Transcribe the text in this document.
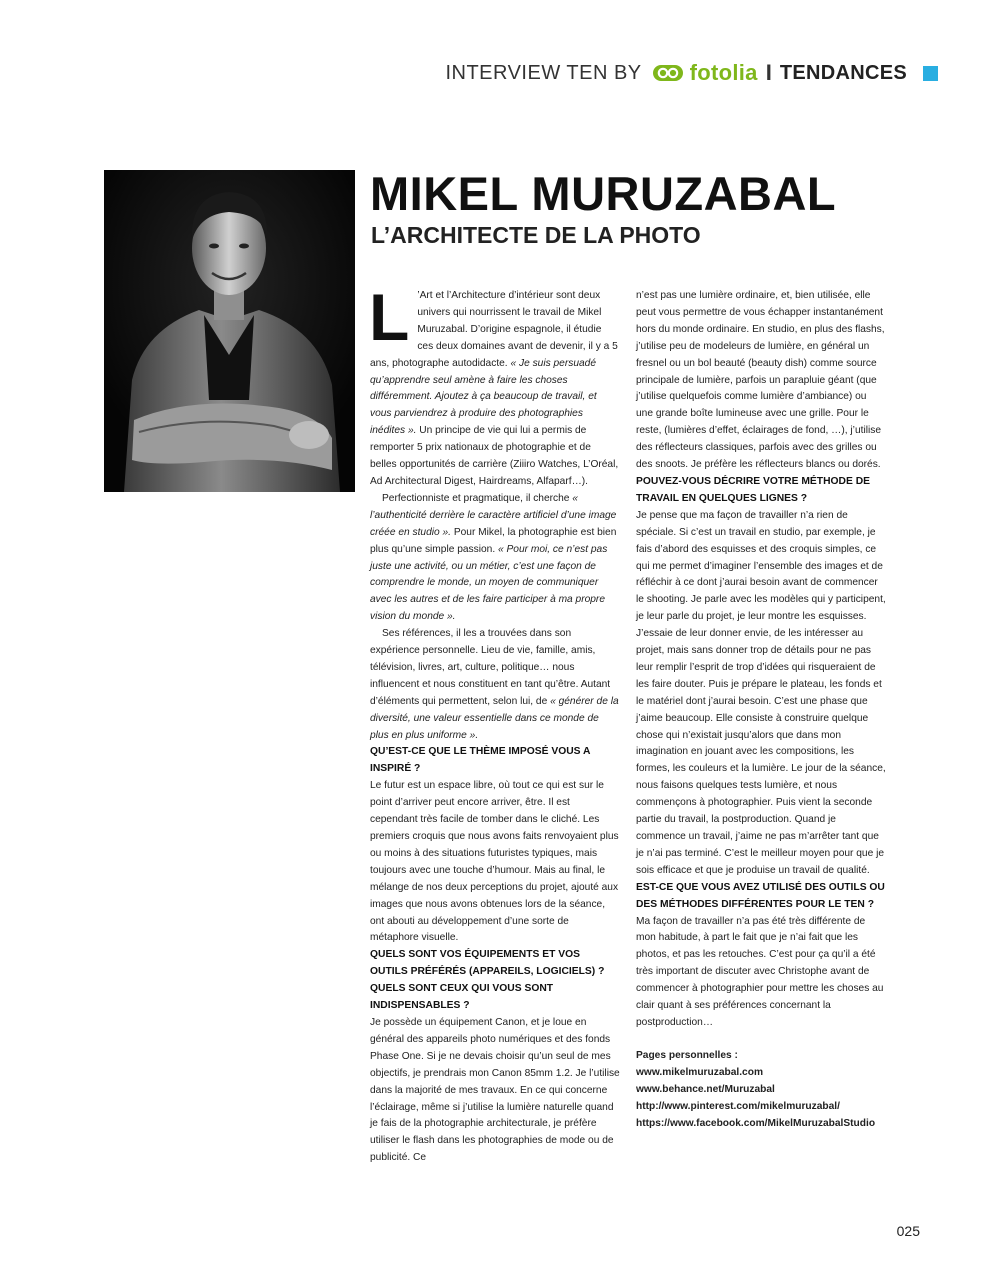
INTERVIEW TEN BY fotolia I TENDANCES
MIKEL MURUZABAL
L’ARCHITECTE DE LA PHOTO

L ’Art et l’Architecture d’intérieur sont deux univers qui nourrissent le travail de Mikel Muruzabal. D’origine espagnole, il étudie ces deux domaines avant de devenir, il y a 5 ans, photographe autodidacte. « Je suis persuadé qu’apprendre seul amène à faire les choses différemment. Ajoutez à ça beaucoup de travail, et vous parviendrez à produire des photographies inédites ». Un principe de vie qui lui a permis de remporter 5 prix nationaux de photographie et de belles opportunités de carrière (Ziiiro Watches, L’Oréal, Ad Architectural Digest, Hairdreams, Alfaparf…).

Perfectionniste et pragmatique, il cherche « l’authenticité derrière le caractère artificiel d’une image créée en studio ». Pour Mikel, la photographie est bien plus qu’une simple passion. « Pour moi, ce n’est pas juste une activité, ou un métier, c’est une façon de comprendre le monde, un moyen de communiquer avec les autres et de les faire participer à ma propre vision du monde ».

Ses références, il les a trouvées dans son expérience personnelle. Lieu de vie, famille, amis, télévision, livres, art, culture, politique… nous influencent et nous constituent en tant qu’être. Autant d’éléments qui permettent, selon lui, de « générer de la diversité, une valeur essentielle dans ce monde de plus en plus uniforme ».

QU’EST-CE QUE LE THÈME IMPOSÉ VOUS A INSPIRÉ ?

Le futur est un espace libre, où tout ce qui est sur le point d’arriver peut encore arriver, être. Il est cependant très facile de tomber dans le cliché. Les premiers croquis que nous avons faits renvoyaient plus ou moins à des situations futuristes typiques, mais toujours avec une touche d’humour. Mais au final, le mélange de nos deux perceptions du projet, ajouté aux images que nous avons obtenues lors de la séance, ont abouti au développement d’une sorte de métaphore visuelle.

QUELS SONT VOS ÉQUIPEMENTS ET VOS OUTILS PRÉFÉRÉS (APPAREILS, LOGICIELS) ? QUELS SONT CEUX QUI VOUS SONT INDISPENSABLES ?

Je possède un équipement Canon, et je loue en général des appareils photo numériques et des fonds Phase One. Si je ne devais choisir qu’un seul de mes objectifs, je prendrais mon Canon 85mm 1.2. Je l’utilise dans la majorité de mes travaux. En ce qui concerne l’éclairage, même si j’utilise la lumière naturelle quand je fais de la photographie architecturale, je préfère utiliser le flash dans les photographies de mode ou de publicité. Ce

n’est pas une lumière ordinaire, et, bien utilisée, elle peut vous permettre de vous échapper instantanément hors du monde ordinaire. En studio, en plus des flashs, j’utilise peu de modeleurs de lumière, en général un fresnel ou un bol beauté (beauty dish) comme source principale de lumière, parfois un parapluie géant (que j’utilise quelquefois comme lumière d’ambiance) ou une grande boîte lumineuse avec une grille. Pour le reste, (lumières d’effet, éclairages de fond, …), j’utilise des réflecteurs classiques, parfois avec des grilles ou des snoots. Je préfère les réflecteurs blancs ou dorés.

POUVEZ-VOUS DÉCRIRE VOTRE MÉTHODE DE TRAVAIL EN QUELQUES LIGNES ?

Je pense que ma façon de travailler n’a rien de spéciale. Si c’est un travail en studio, par exemple, je fais d’abord des esquisses et des croquis simples, ce qui me permet d’imaginer l’ensemble des images et de réfléchir à ce dont j’aurai besoin avant de commencer le shooting. Je parle avec les modèles qui y participent, je leur parle du projet, je leur montre les esquisses. J’essaie de leur donner envie, de les intéresser au projet, mais sans donner trop de détails pour ne pas leur remplir l’esprit de trop d’idées qui risqueraient de les faire douter. Puis je prépare le plateau, les fonds et le matériel dont j’aurai besoin. C’est une phase que j’aime beaucoup. Elle consiste à construire quelque chose qui n’existait jusqu’alors que dans mon imagination en jouant avec les compositions, les formes, les couleurs et la lumière. Le jour de la séance, nous faisons quelques tests lumière, et nous commençons à photographier. Puis vient la seconde partie du travail, la postproduction. Quand je commence un travail, j’aime ne pas m’arrêter tant que je n’ai pas terminé. C’est le meilleur moyen pour que je sois efficace et que je produise un travail de qualité.

EST-CE QUE VOUS AVEZ UTILISÉ DES OUTILS OU DES MÉTHODES DIFFÉRENTES POUR LE TEN ?

Ma façon de travailler n’a pas été très différente de mon habitude, à part le fait que je n’ai fait que les photos, et pas les retouches. C’est pour ça qu’il a été très important de discuter avec Christophe avant de commencer à photographier pour mettre les choses au clair quant à ses préférences concernant la postproduction…

Pages personnelles :
www.mikelmuruzabal.com
www.behance.net/Muruzabal
http://www.pinterest.com/mikelmuruzabal/
https://www.facebook.com/MikelMuruzabalStudio
025
